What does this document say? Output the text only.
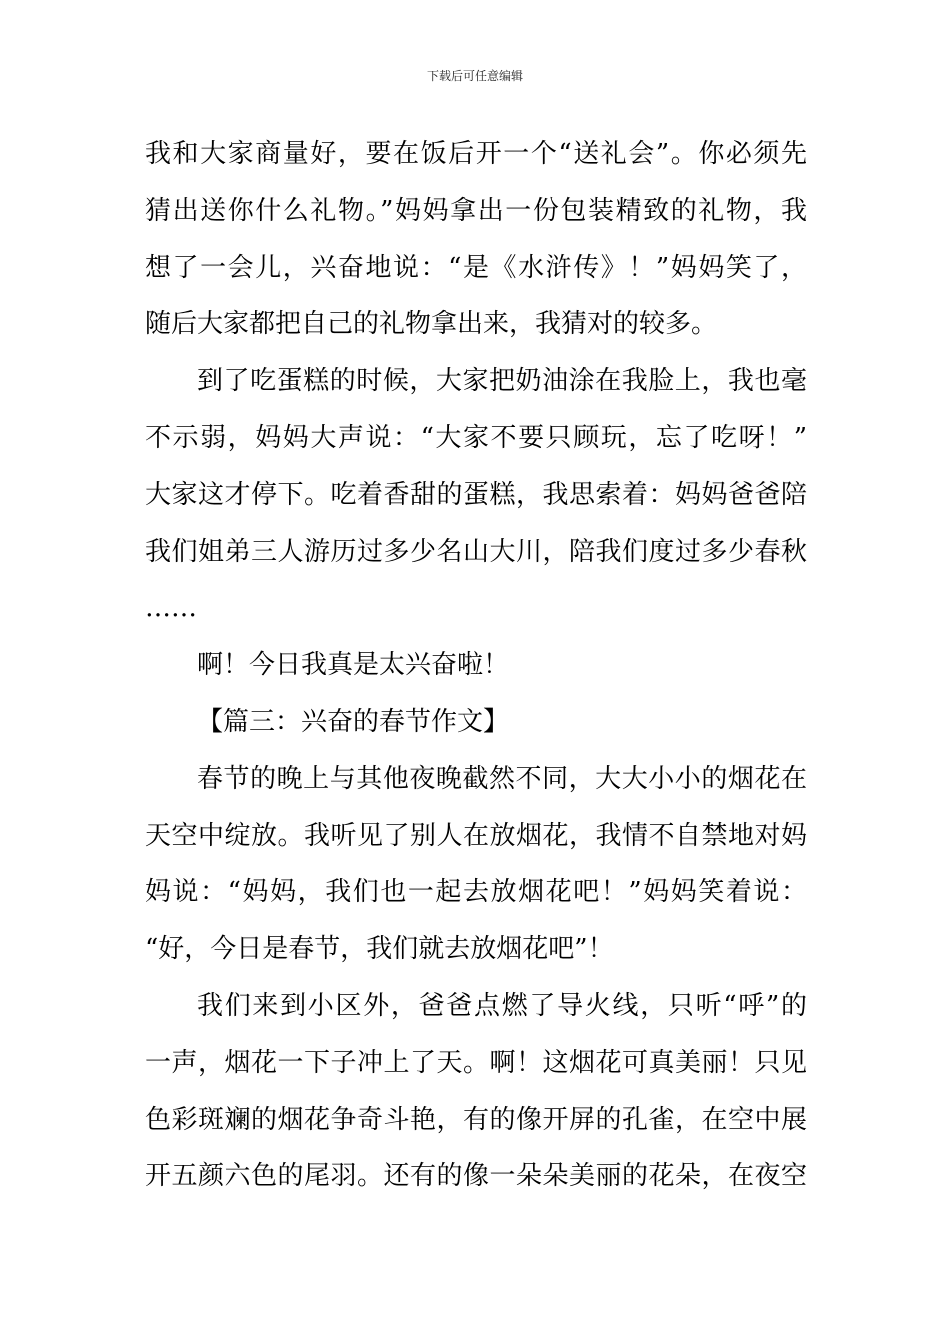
下载后可任意编辑
我和大家商量好，要在饭后开一个“送礼会”。你必须先
猜出送你什么礼物。”妈妈拿出一份包装精致的礼物，我
想了一会儿，兴奋地说：“是《水浒传》！”妈妈笑了，
随后大家都把自己的礼物拿出来，我猜对的较多。
到了吃蛋糕的时候，大家把奶油涂在我脸上，我也毫
不示弱，妈妈大声说：“大家不要只顾玩，忘了吃呀！”
大家这才停下。吃着香甜的蛋糕，我思索着：妈妈爸爸陪
我们姐弟三人游历过多少名山大川，陪我们度过多少春秋
……
啊！今日我真是太兴奋啦！
【篇三：兴奋的春节作文】
春节的晚上与其他夜晚截然不同，大大小小的烟花在
天空中绽放。我听见了别人在放烟花，我情不自禁地对妈
妈说：“妈妈，我们也一起去放烟花吧！”妈妈笑着说：
“好，今日是春节，我们就去放烟花吧”！
我们来到小区外，爸爸点燃了导火线，只听“呼”的
一声，烟花一下子冲上了天。啊！这烟花可真美丽！只见
色彩斑斓的烟花争奇斗艳，有的像开屏的孔雀，在空中展
开五颜六色的尾羽。还有的像一朵朵美丽的花朵，在夜空
